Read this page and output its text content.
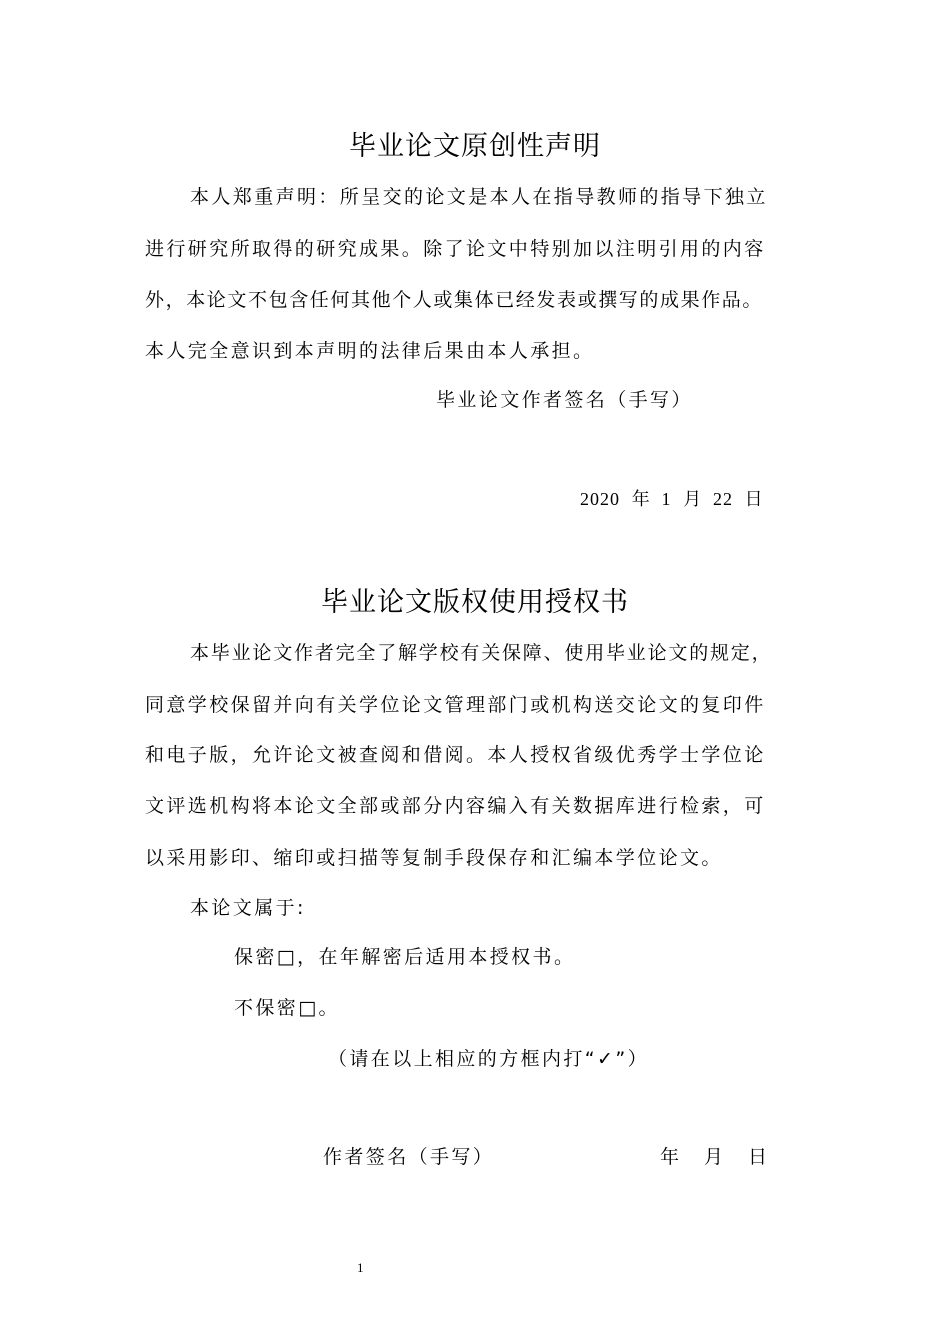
毕业论文原创性声明

本人郑重声明：所呈交的论文是本人在指导教师的指导下独立

进行研究所取得的研究成果。除了论文中特别加以注明引用的内容

外，本论文不包含任何其他个人或集体已经发表或撰写的成果作品。

本人完全意识到本声明的法律后果由本人承担。

毕业论文作者签名（手写）

2020 年 1 月 22 日
毕业论文版权使用授权书

本毕业论文作者完全了解学校有关保障、使用毕业论文的规定，

同意学校保留并向有关学位论文管理部门或机构送交论文的复印件

和电子版，允许论文被查阅和借阅。本人授权省级优秀学士学位论

文评选机构将本论文全部或部分内容编入有关数据库进行检索，可

以采用影印、缩印或扫描等复制手段保存和汇编本学位论文。

本论文属于:

保密□，在年解密后适用本授权书。

不保密□。

（请在以上相应的方框内打“✓”）

作者签名（手写）	年 月 日
1
